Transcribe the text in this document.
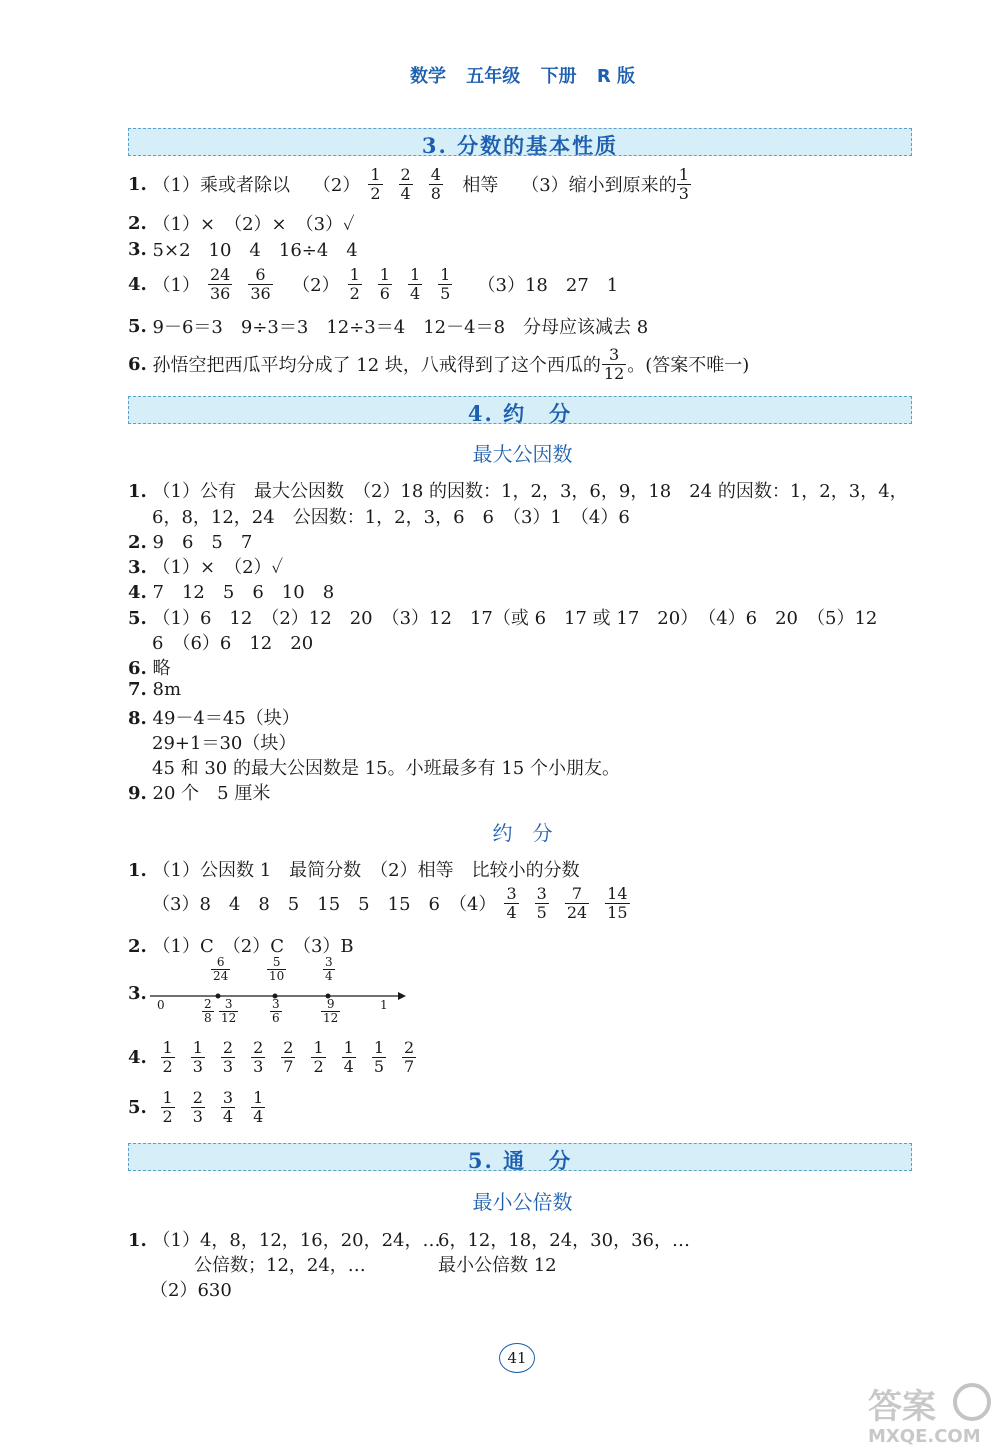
数学 五年级 下册 R 版
3. 分数的基本性质
1.
（1）乘或者除以
$(2) \frac{1}{2} \frac{2}{4} \frac{4}{8}$
相等
（3）缩小到原来的 $\frac{1}{3}$
2.
（1）×　（2）×　（3）✓
3.
5×2　10　4　16÷4　4
4.
$(1) \frac{24}{36} \frac{6}{36}$
$(2) \frac{1}{2} \frac{1}{6} \frac{1}{4} \frac{1}{5}$
（3）18　27　1
5.
9－6＝3　9÷3＝3　12÷3＝4　12－4＝8　分母应该减去 8
6.
孙悟空把西瓜平均分成了 12 块，八戒得到了这个西瓜的 $\frac{3}{12}$ 。(答案不唯一)
4. 约　分
最大公因数
1. （1）公有　最大公因数　（2）18 的因数：1，2，3，6，9，18　24 的因数：1，2，3，4，
6，8，12，24　公因数：1，2，3，6　6　（3）1　（4）6
2. 9　6　5　7
3. （1）×　（2）✓
4. 7　12　5　6　10　8
5. （1）6　12　（2）12　20　（3）12　17（或 6　17 或 17　20）　（4）6　20　（5）12
6　（6）6　12　20
6. 略
7. 8m
8. 49－4＝45（块）
29+1＝30（块）
45 和 30 的最大公因数是 15。小班最多有 15 个小朋友。
9. 20 个　5 厘米
约　分
1. （1）公因数 1　最简分数　（2）相等　比较小的分数
（3）8　4　8　5　15　5　15　6　$(4) \frac{3}{4} \frac{3}{5} \frac{7}{24} \frac{14}{15}$
2. （1）C　（2）C　（3）B
3.
0	1
$\frac{6}{24}$	$\frac{5}{10}$	$\frac{3}{4}$
$\frac{2}{8} \frac{3}{12}$	$\frac{3}{6}$	$\frac{9}{12}$
4.
$\frac{1}{2} \frac{1}{3} \frac{2}{3} \frac{2}{3} \frac{2}{7} \frac{1}{2} \frac{1}{4} \frac{1}{5} \frac{2}{7}$
5.
$\frac{1}{2} \frac{2}{3} \frac{3}{4} \frac{1}{4}$
5. 通　分
最小公倍数
1. （1）4，8，12，16，20，24，…
6，12，18，24，30，36，…
公倍数；12，24，…	最小公倍数 12
（2）630
41
答案
MXQE.COM
